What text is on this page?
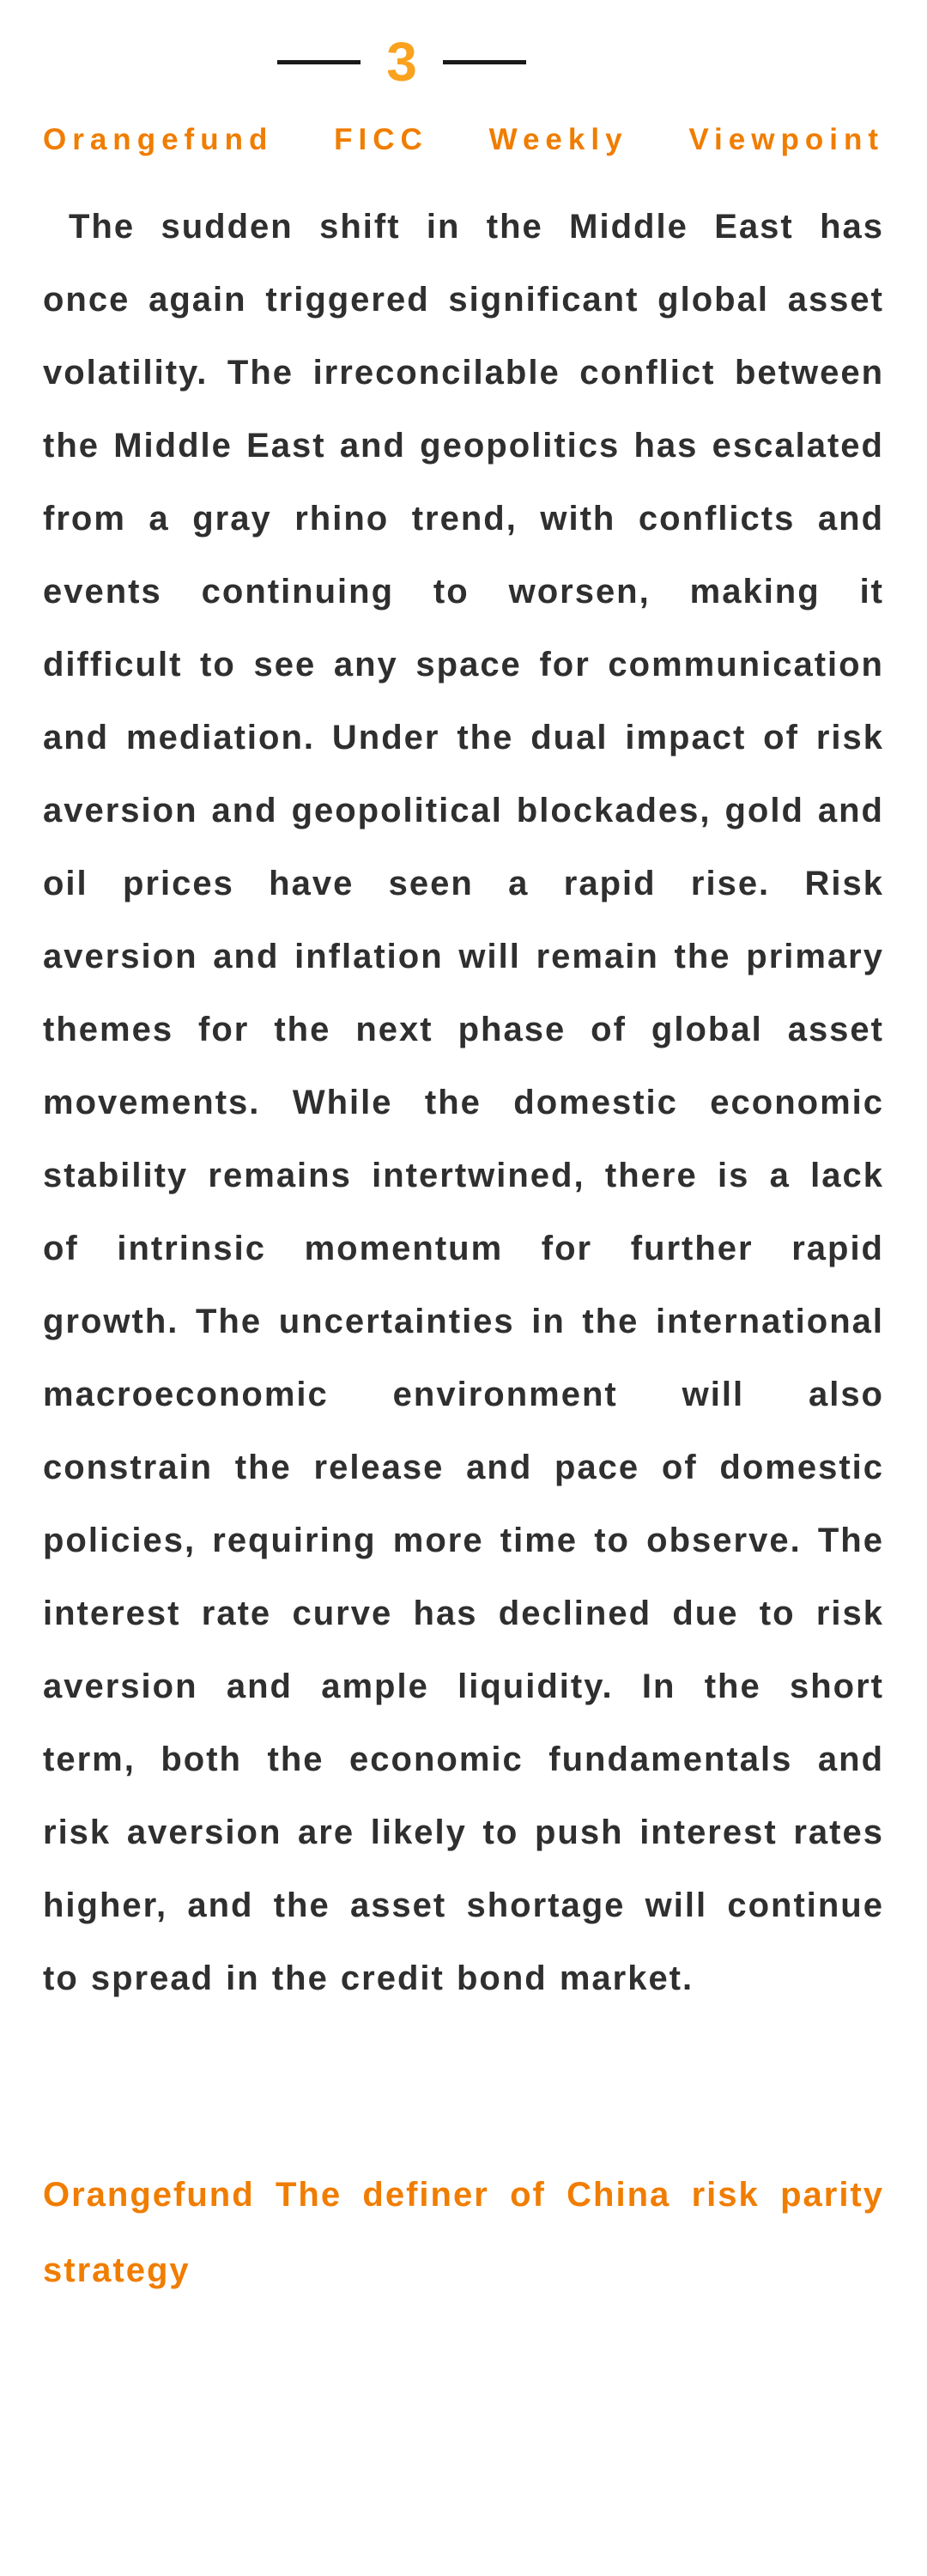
3
Orangefund FICC Weekly Viewpoint
The sudden shift in the Middle East has once again triggered significant global asset volatility. The irreconcilable conflict between the Middle East and geopolitics has escalated from a gray rhino trend, with conflicts and events continuing to worsen, making it difficult to see any space for communication and mediation. Under the dual impact of risk aversion and geopolitical blockades, gold and oil prices have seen a rapid rise. Risk aversion and inflation will remain the primary themes for the next phase of global asset movements. While the domestic economic stability remains intertwined, there is a lack of intrinsic momentum for further rapid growth. The uncertainties in the international macroeconomic environment will also constrain the release and pace of domestic policies, requiring more time to observe. The interest rate curve has declined due to risk aversion and ample liquidity. In the short term, both the economic fundamentals and risk aversion are likely to push interest rates higher, and the asset shortage will continue to spread in the credit bond market.
Orangefund The definer of China risk parity strategy
